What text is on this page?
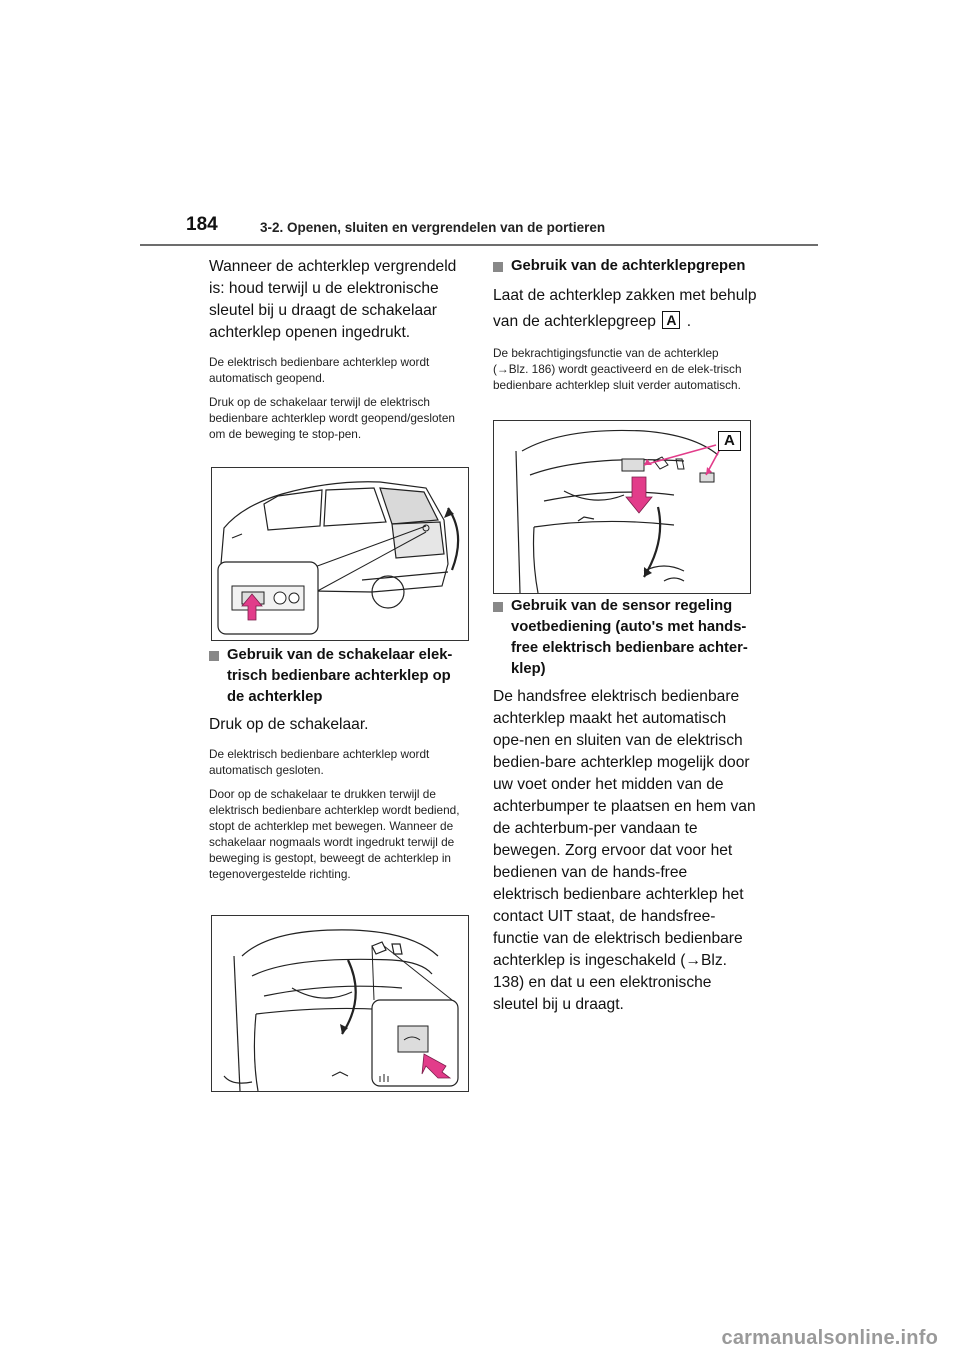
184	3-2. Openen, sluiten en vergrendelen van de portieren

Wanneer de achterklep vergrendeld is: houd terwijl u de elektronische sleutel bij u draagt de schakelaar achterklep openen ingedrukt.

De elektrisch bedienbare achterklep wordt automatisch geopend.

Druk op de schakelaar terwijl de elektrisch bedienbare achterklep wordt geopend/gesloten om de beweging te stop-pen.

Gebruik van de schakelaar elek-trisch bedienbare achterklep op de achterklep

Druk op de schakelaar.

De elektrisch bedienbare achterklep wordt automatisch gesloten.

Door op de schakelaar te drukken terwijl de elektrisch bedienbare achterklep wordt bediend, stopt de achterklep met bewegen. Wanneer de schakelaar nogmaals wordt ingedrukt terwijl de beweging is gestopt, beweegt de achterklep in tegenovergestelde richting.

Gebruik van de achterklepgrepen

Laat de achterklep zakken met behulp van de achterklepgreep A .

De bekrachtigingsfunctie van de achterklep (→Blz. 186) wordt geactiveerd en de elek-trisch bedienbare achterklep sluit verder automatisch.

A

Gebruik van de sensor regeling voetbediening (auto's met hands-free elektrisch bedienbare achter-klep)

De handsfree elektrisch bedienbare achterklep maakt het automatisch ope-nen en sluiten van de elektrisch bedien-bare achterklep mogelijk door uw voet onder het midden van de achterbumper te plaatsen en hem van de achterbum-per vandaan te bewegen. Zorg ervoor dat voor het bedienen van de hands-free elektrisch bedienbare achterklep het contact UIT staat, de handsfree-functie van de elektrisch bedienbare achterklep is ingeschakeld (→Blz. 138) en dat u een elektronische sleutel bij u draagt.

carmanualsonline.info
